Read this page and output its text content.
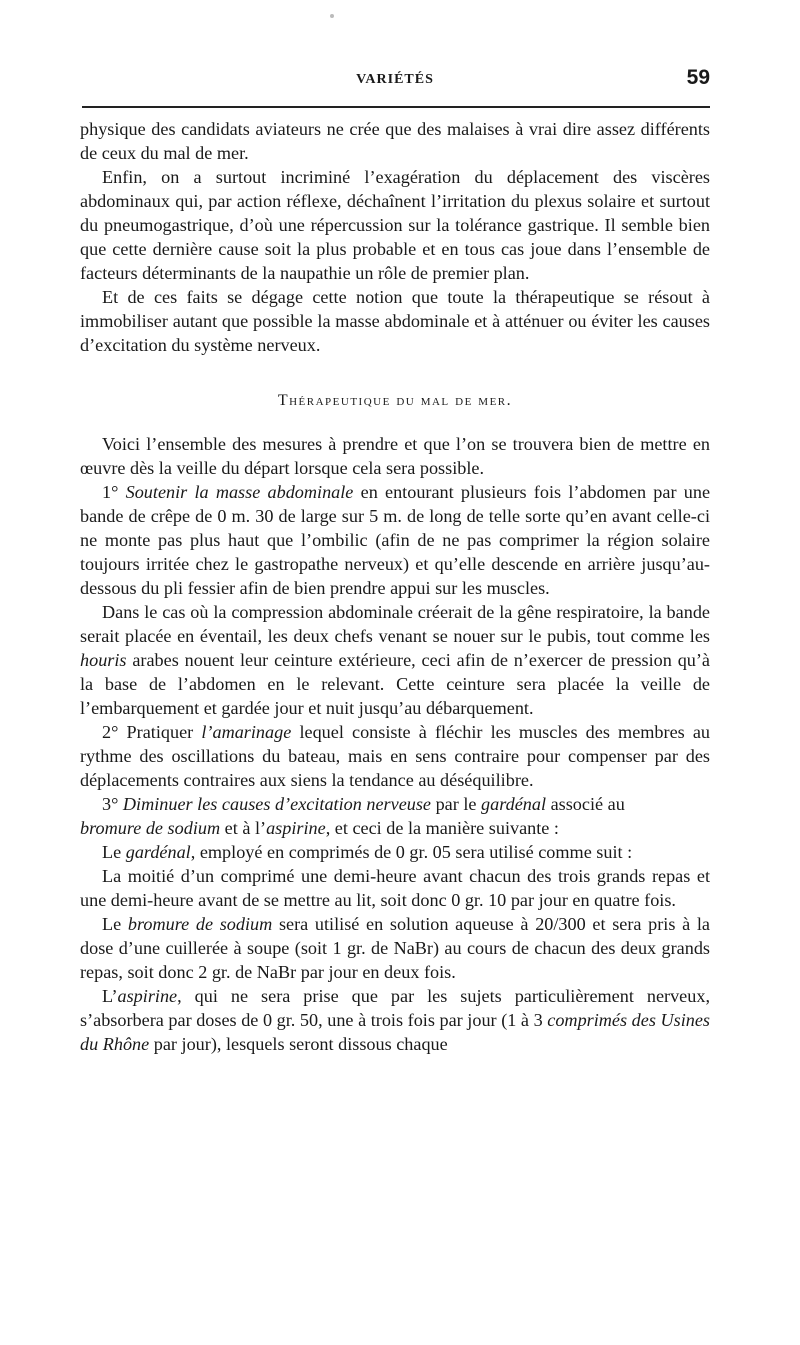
VARIÉTÉS	59

physique des candidats aviateurs ne crée que des malaises à vrai dire assez différents de ceux du mal de mer.

Enfin, on a surtout incriminé l’exagération du déplacement des viscères abdominaux qui, par action réflexe, déchaînent l’irritation du plexus solaire et surtout du pneumogastrique, d’où une répercussion sur la tolérance gastrique. Il semble bien que cette dernière cause soit la plus probable et en tous cas joue dans l’ensemble de facteurs déterminants de la naupathie un rôle de premier plan.

Et de ces faits se dégage cette notion que toute la thérapeutique se résout à immobiliser autant que possible la masse abdominale et à atténuer ou éviter les causes d’excitation du système nerveux.

Thérapeutique du mal de mer.

Voici l’ensemble des mesures à prendre et que l’on se trouvera bien de mettre en œuvre dès la veille du départ lorsque cela sera possible.

1° Soutenir la masse abdominale en entourant plusieurs fois l’abdomen par une bande de crêpe de 0 m. 30 de large sur 5 m. de long de telle sorte qu’en avant celle-ci ne monte pas plus haut que l’ombilic (afin de ne pas comprimer la région solaire toujours irritée chez le gastropathe nerveux) et qu’elle descende en arrière jusqu’au-dessous du pli fessier afin de bien prendre appui sur les muscles.

Dans le cas où la compression abdominale créerait de la gêne respiratoire, la bande serait placée en éventail, les deux chefs venant se nouer sur le pubis, tout comme les houris arabes nouent leur ceinture extérieure, ceci afin de n’exercer de pression qu’à la base de l’abdomen en le relevant. Cette ceinture sera placée la veille de l’embarquement et gardée jour et nuit jusqu’au débarquement.

2° Pratiquer l’amarinage lequel consiste à fléchir les muscles des membres au rythme des oscillations du bateau, mais en sens contraire pour compenser par des déplacements contraires aux siens la tendance au déséquilibre.

3° Diminuer les causes d’excitation nerveuse par le gardénal associé au
bromure de sodium et à l’aspirine, et ceci de la manière suivante :

Le gardénal, employé en comprimés de 0 gr. 05 sera utilisé comme suit :

La moitié d’un comprimé une demi-heure avant chacun des trois grands repas et une demi-heure avant de se mettre au lit, soit donc 0 gr. 10 par jour en quatre fois.

Le bromure de sodium sera utilisé en solution aqueuse à 20/300 et sera pris à la dose d’une cuillerée à soupe (soit 1 gr. de NaBr) au cours de chacun des deux grands repas, soit donc 2 gr. de NaBr par jour en deux fois.

L’aspirine, qui ne sera prise que par les sujets particulièrement nerveux, s’absorbera par doses de 0 gr. 50, une à trois fois par jour (1 à 3 comprimés des Usines du Rhône par jour), lesquels seront dissous chaque
